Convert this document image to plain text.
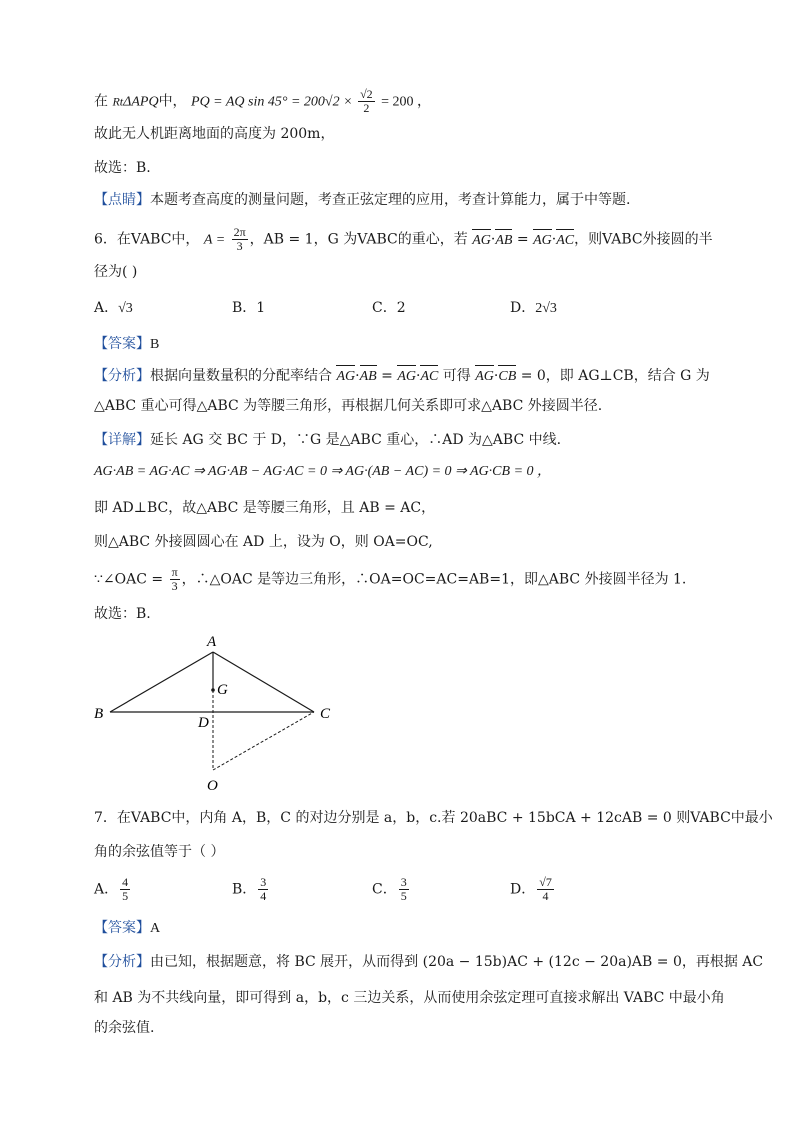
在 RtΔAPQ中， PQ = AQ $\sin 45^\circ = 200√2 \times \frac{√2}{2} = 200$ ，
故此无人机距离地面的高度为 200m，
故选：B.
【点睛】本题考查高度的测量问题，考查正弦定理的应用，考查计算能力，属于中等题.
6．在VABC中， $A = \frac{2\pi}{3}$ ，AB = 1，G 为VABC的重心，若 AG·AB = AG·AC，则VABC外接圆的半
径为( )
A．√3	B．1	C．2	D．2√3
【答案】B
【分析】根据向量数量积的分配率结合 AG·AB = AG·AC 可得 AG·CB = 0，即 AG⊥CB，结合 G 为
△ABC 重心可得△ABC 为等腰三角形，再根据几何关系即可求△ABC 外接圆半径.
【详解】延长 AG 交 BC 于 D，∵G 是△ABC 重心，∴AD 为△ABC 中线.
AG·AB = AG·AC ⇒ AG·AB − AG·AC = 0 ⇒ AG·(AB − AC) = 0 ⇒ AG·CB = 0 ，
即 AD⊥BC，故△ABC 是等腰三角形，且 AB = AC，
则△ABC 外接圆圆心在 AD 上，设为 O，则 OA=OC,
∵∠OAC = $\frac{\pi}{3}$ ，∴△OAC 是等边三角形，∴OA=OC=AC=AB=1，即△ABC 外接圆半径为 1.
故选：B.
A
B	C
D
G
O
7．在VABC中，内角 A，B，C 的对边分别是 a，b，c.若 20aBC + 15bCA + 12cAB = 0 则VABC中最小
角的余弦值等于（ ）
A． $\frac{4}{5}$	B． $\frac{3}{4}$	C． $\frac{3}{5}$	D． $\frac{√7}{4}$
【答案】A
【分析】由已知，根据题意，将 BC 展开，从而得到 (20a − 15b)AC + (12c − 20a)AB = 0，再根据 AC
和 AB 为不共线向量，即可得到 a，b，c 三边关系，从而使用余弦定理可直接求解出 VABC 中最小角
的余弦值.
